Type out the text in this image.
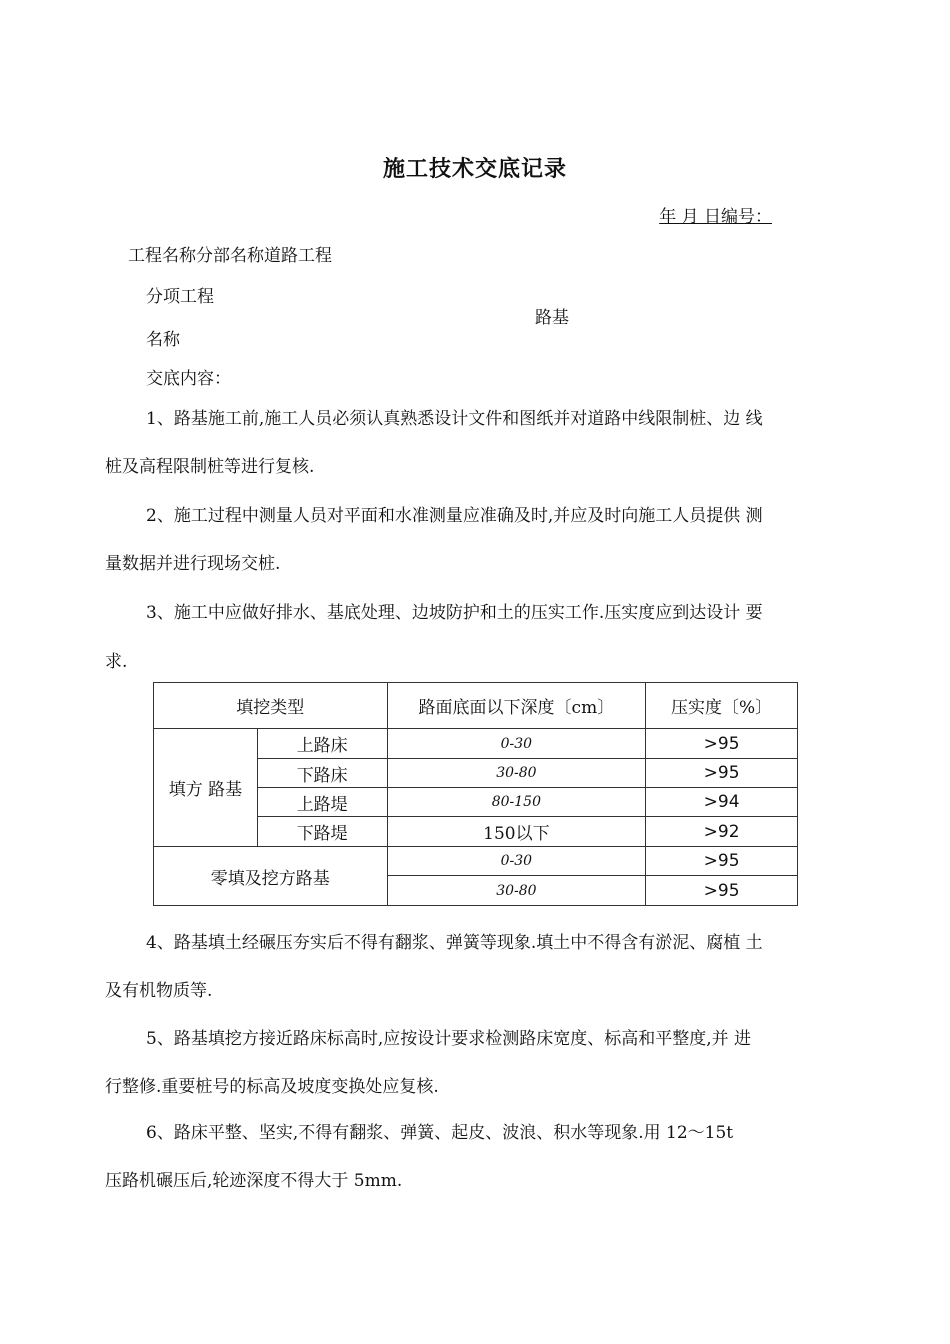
施工技术交底记录
年 月 日编号：
工程名称分部名称道路工程
分项工程
路基
名称
交底内容：
1、路基施工前,施工人员必须认真熟悉设计文件和图纸并对道路中线限制桩、边 线
桩及高程限制桩等进行复核.
2、施工过程中测量人员对平面和水准测量应准确及时,并应及时向施工人员提供 测
量数据并进行现场交桩.
3、施工中应做好排水、基底处理、边坡防护和土的压实工作.压实度应到达设计 要
求.
填挖类型		路面底面以下深度〔cm〕	压实度〔%〕
填方 路基	上路床	0-30	>95
	下路床	30-80	>95
	上路堤	80-150	>94
	下路堤	150以下	>92
零填及挖方路基		0-30	>95
		30-80	>95
4、路基填土经碾压夯实后不得有翻浆、弹簧等现象.填土中不得含有淤泥、腐植 土
及有机物质等.
5、路基填挖方接近路床标高时,应按设计要求检测路床宽度、标高和平整度,并 进
行整修.重要桩号的标高及坡度变换处应复核.
6、路床平整、坚实,不得有翻浆、弹簧、起皮、波浪、积水等现象.用 12〜15t
压路机碾压后,轮迹深度不得大于 5mm.
